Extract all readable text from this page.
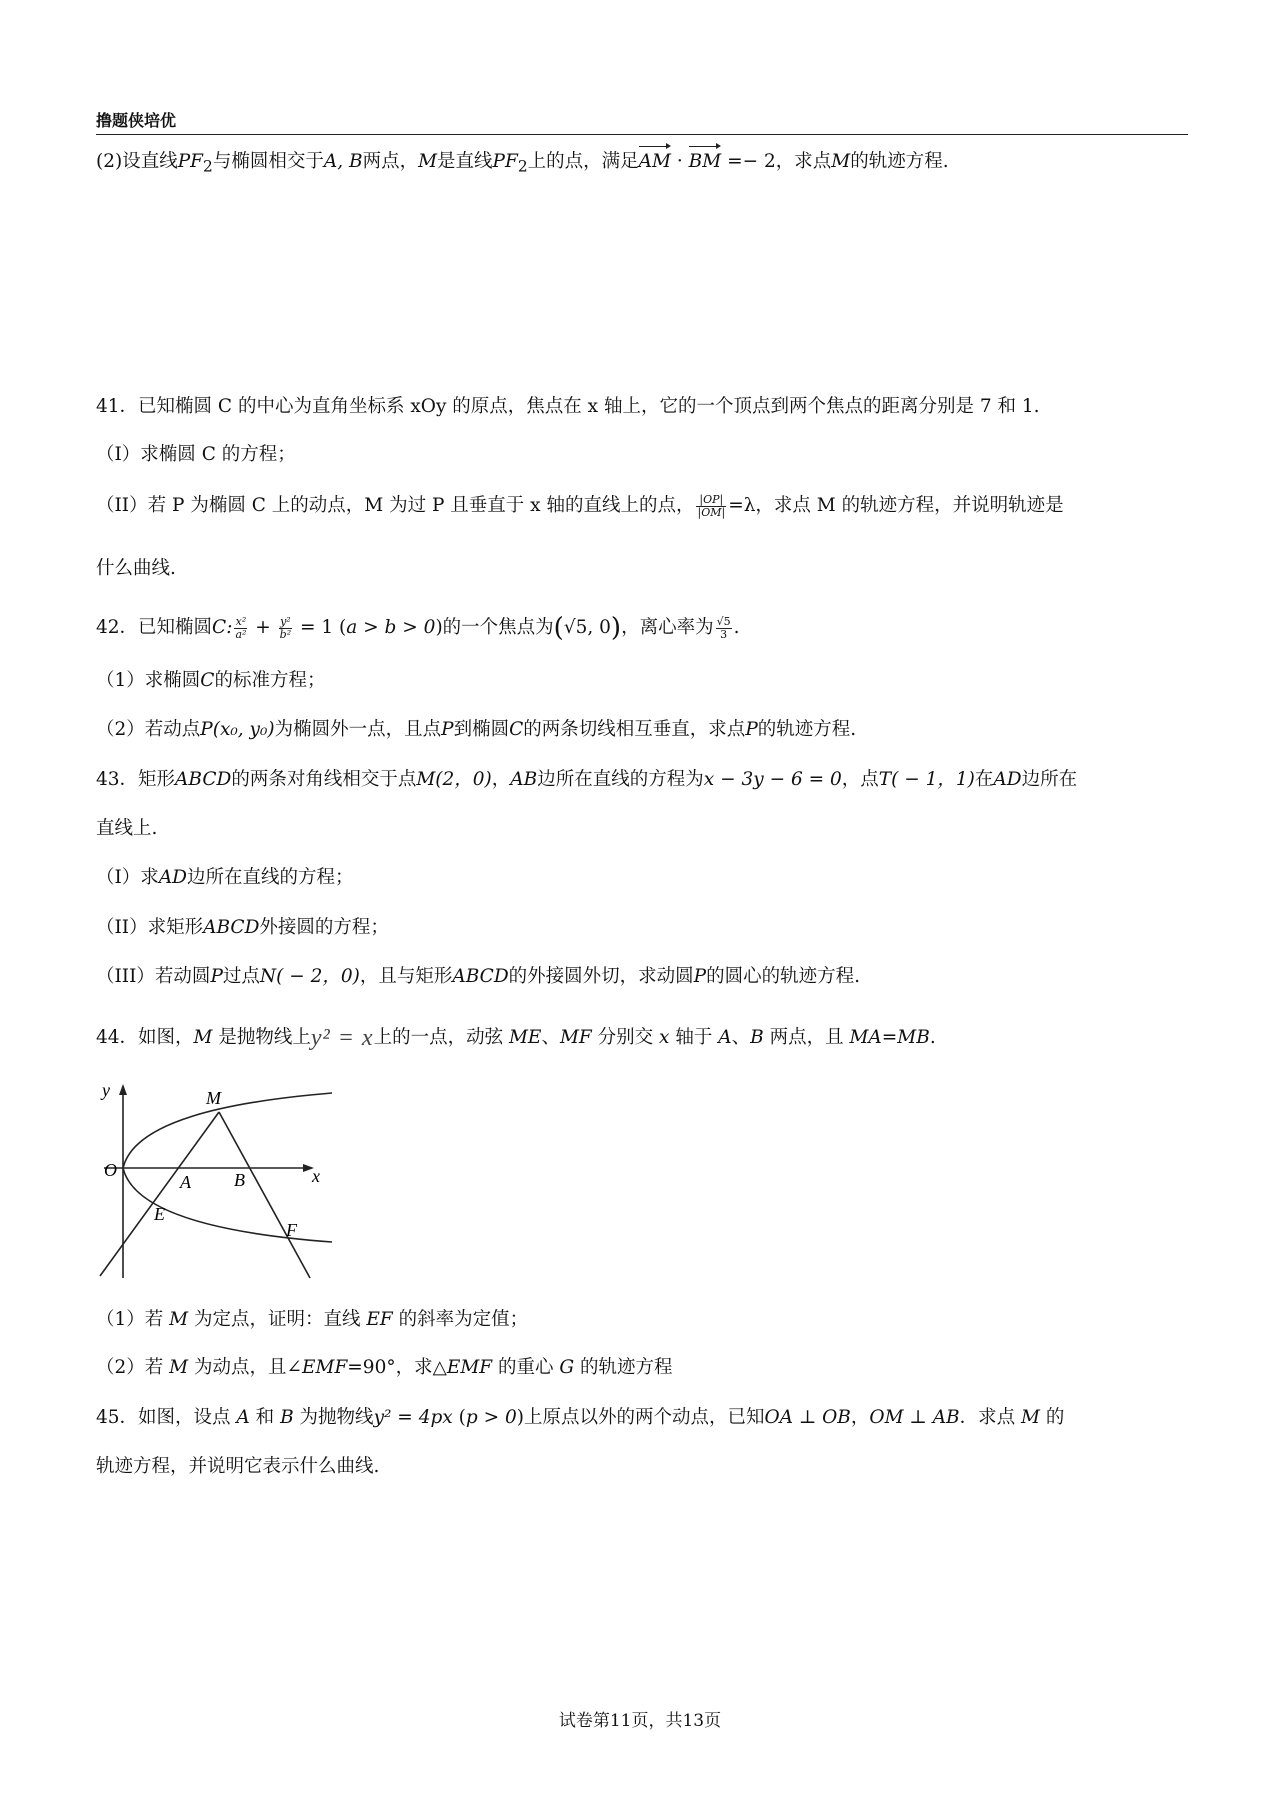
撸题侠培优
(2)设直线$PF_2$与椭圆相交于A, B两点，M是直线$PF_2$上的点，满足AM · BM =− 2，求点M的轨迹方程.
41．已知椭圆 C 的中心为直角坐标系 xOy 的原点，焦点在 x 轴上，它的一个顶点到两个焦点的距离分别是 7 和 1.
（I）求椭圆 C 的方程；
（II）若 P 为椭圆 C 上的动点，M 为过 P 且垂直于 x 轴的直线上的点， $\frac{|OP|}{|OM|} =\lambda$，求点 M 的轨迹方程，并说明轨迹是
什么曲线.
42．已知椭圆C: $\frac{\text{x²}}{\text{a²}} + \frac{\text{y²}}{\text{b²}} = 1$ (a > b > 0)的一个焦点为(√5, 0)，离心率为 $\frac{√5}{3}$ .
（1）求椭圆C的标准方程；
（2）若动点P(x₀, y₀)为椭圆外一点，且点P到椭圆C的两条切线相互垂直，求点P的轨迹方程.
43．矩形ABCD的两条对角线相交于点M(2，0)，AB边所在直线的方程为x − 3y − 6 = 0，点T( − 1，1)在AD边所在
直线上.
（I）求AD边所在直线的方程；
（II）求矩形ABCD外接圆的方程；
（III）若动圆P过点N( − 2，0)，且与矩形ABCD的外接圆外切，求动圆P的圆心的轨迹方程.
44．如图，M 是抛物线上y² = x上的一点，动弦 ME、MF 分别交 x 轴于 A、B 两点，且 MA=MB.
y
x
O
M
A B
E
F
（1）若 M 为定点，证明：直线 EF 的斜率为定值；
（2）若 M 为动点，且∠EMF=90°，求△EMF 的重心 G 的轨迹方程
45．如图，设点 A 和 B 为抛物线y² = 4px (p > 0)上原点以外的两个动点，已知OA ⊥ OB，OM ⊥ AB．求点 M 的
轨迹方程，并说明它表示什么曲线.
试卷第11页，共13页
